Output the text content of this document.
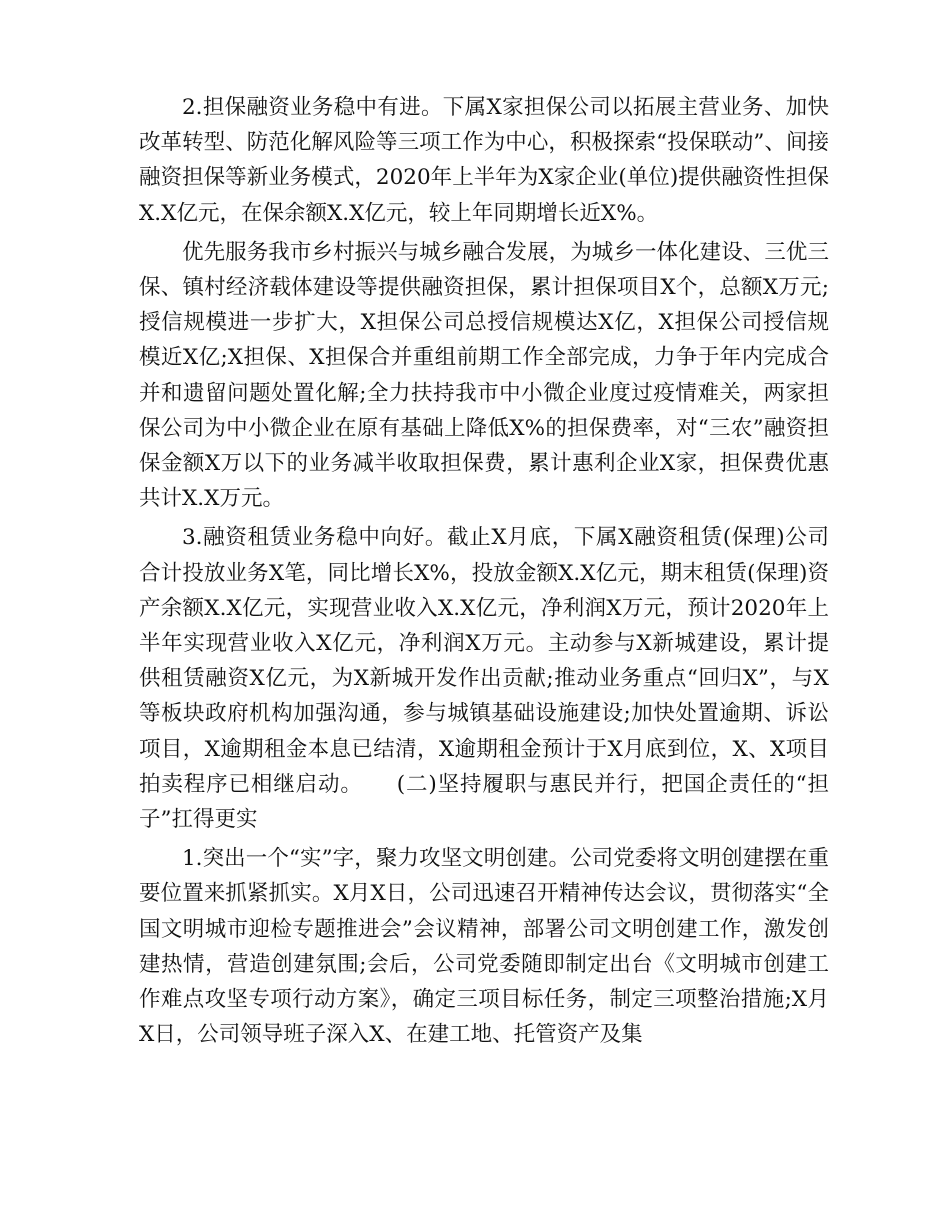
2.担保融资业务稳中有进。下属X家担保公司以拓展主营业务、加快改革转型、防范化解风险等三项工作为中心，积极探索“投保联动”、间接融资担保等新业务模式，2020年上半年为X家企业(单位)提供融资性担保X.X亿元，在保余额X.X亿元，较上年同期增长近X%。

优先服务我市乡村振兴与城乡融合发展，为城乡一体化建设、三优三保、镇村经济载体建设等提供融资担保，累计担保项目X个，总额X万元;授信规模进一步扩大，X担保公司总授信规模达X亿，X担保公司授信规模近X亿;X担保、X担保合并重组前期工作全部完成，力争于年内完成合并和遗留问题处置化解;全力扶持我市中小微企业度过疫情难关，两家担保公司为中小微企业在原有基础上降低X%的担保费率，对“三农”融资担保金额X万以下的业务减半收取担保费，累计惠利企业X家，担保费优惠共计X.X万元。

3.融资租赁业务稳中向好。截止X月底，下属X融资租赁(保理)公司合计投放业务X笔，同比增长X%，投放金额X.X亿元，期末租赁(保理)资产余额X.X亿元，实现营业收入X.X亿元，净利润X万元，预计2020年上半年实现营业收入X亿元，净利润X万元。主动参与X新城建设，累计提供租赁融资X亿元，为X新城开发作出贡献;推动业务重点“回归X”，与X等板块政府机构加强沟通，参与城镇基础设施建设;加快处置逾期、诉讼项目，X逾期租金本息已结清，X逾期租金预计于X月底到位，X、X项目拍卖程序已相继启动。　　(二)坚持履职与惠民并行，把国企责任的“担子”扛得更实

1.突出一个“实”字，聚力攻坚文明创建。公司党委将文明创建摆在重要位置来抓紧抓实。X月X日，公司迅速召开精神传达会议，贯彻落实“全国文明城市迎检专题推进会”会议精神，部署公司文明创建工作，激发创建热情，营造创建氛围;会后，公司党委随即制定出台《文明城市创建工作难点攻坚专项行动方案》，确定三项目标任务，制定三项整治措施;X月X日，公司领导班子深入X、在建工地、托管资产及集
